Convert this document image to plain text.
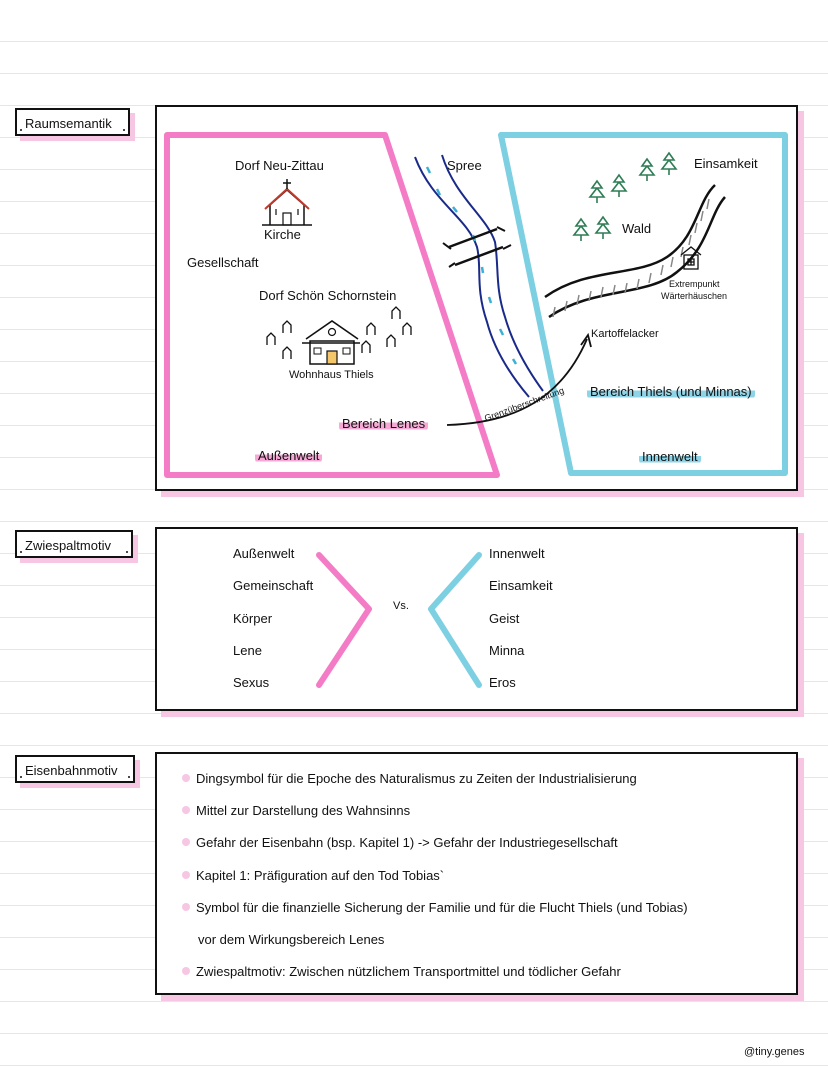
Raumsemantik
Dorf Neu-Zittau
Kirche
Gesellschaft
Dorf Schön Schornstein
Wohnhaus Thiels
Bereich Lenes
Außenwelt
Spree
Grenzüberschreitung
Einsamkeit
Wald
Extrempunkt
Wärterhäuschen
Kartoffelacker
Bereich Thiels (und Minnas)
Innenwelt
Zwiespaltmotiv
Außenwelt
Gemeinschaft
Körper
Lene
Sexus
Vs.
Innenwelt
Einsamkeit
Geist
Minna
Eros
Eisenbahnmotiv
Dingsymbol für die Epoche des Naturalismus zu Zeiten der Industrialisierung
Mittel zur Darstellung des Wahnsinns
Gefahr der Eisenbahn (bsp. Kapitel 1) -> Gefahr der Industriegesellschaft
Kapitel 1: Präfiguration auf den Tod Tobias`
Symbol für die finanzielle Sicherung der Familie und für die Flucht Thiels (und Tobias)
vor dem Wirkungsbereich Lenes
Zwiespaltmotiv: Zwischen nützlichem Transportmittel und tödlicher Gefahr
@tiny.genes
